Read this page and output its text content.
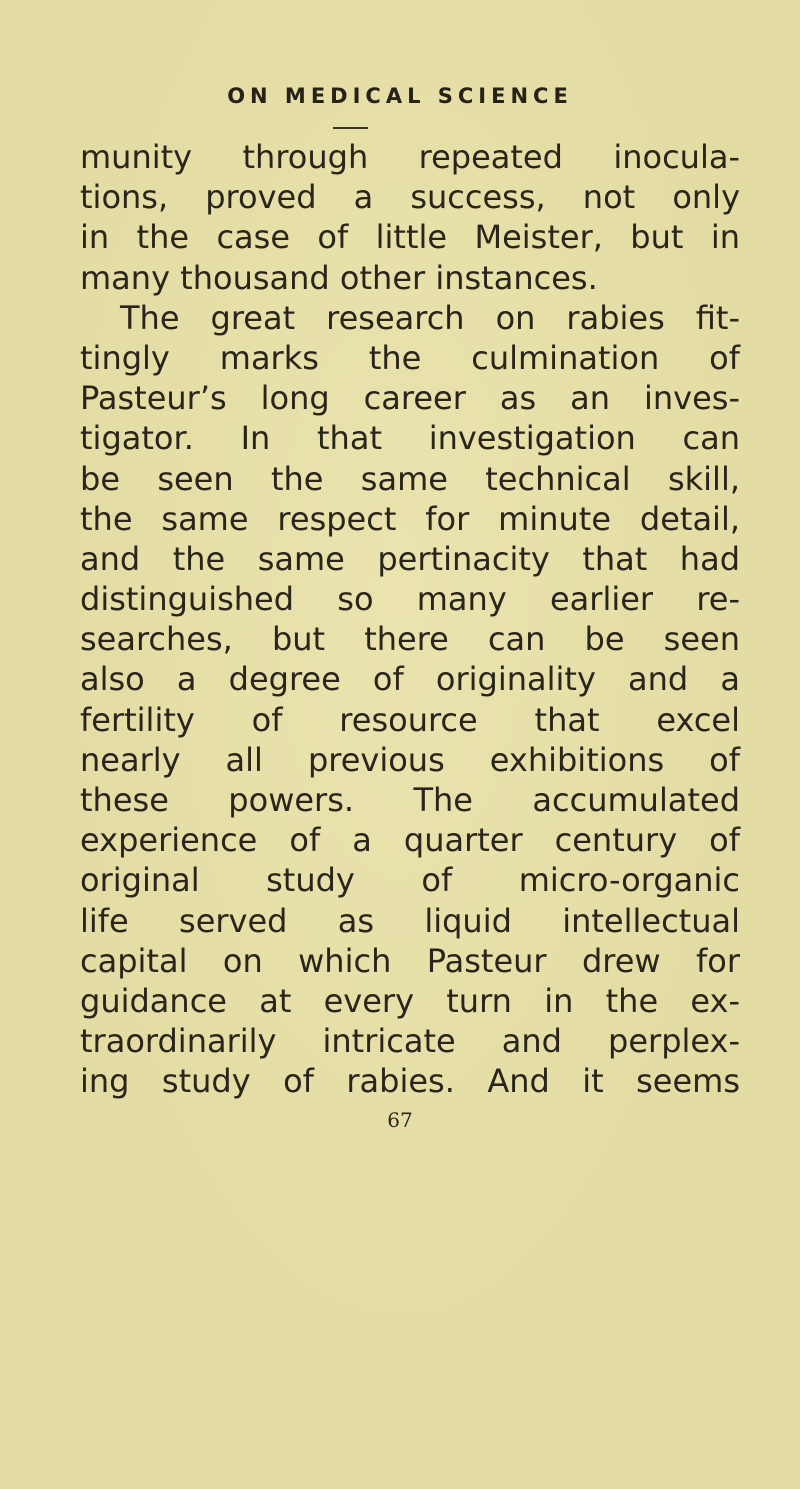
ON MEDICAL SCIENCE
munity through repeated inocula-
tions, proved a success, not only
in the case of little Meister, but in
many thousand other instances.
The great research on rabies fit-
tingly marks the culmination of
Pasteur’s long career as an inves-
tigator. In that investigation can
be seen the same technical skill,
the same respect for minute detail,
and the same pertinacity that had
distinguished so many earlier re-
searches, but there can be seen
also a degree of originality and a
fertility of resource that excel
nearly all previous exhibitions of
these powers. The accumulated
experience of a quarter century of
original study of micro-organic
life served as liquid intellectual
capital on which Pasteur drew for
guidance at every turn in the ex-
traordinarily intricate and perplex-
ing study of rabies. And it seems
67
